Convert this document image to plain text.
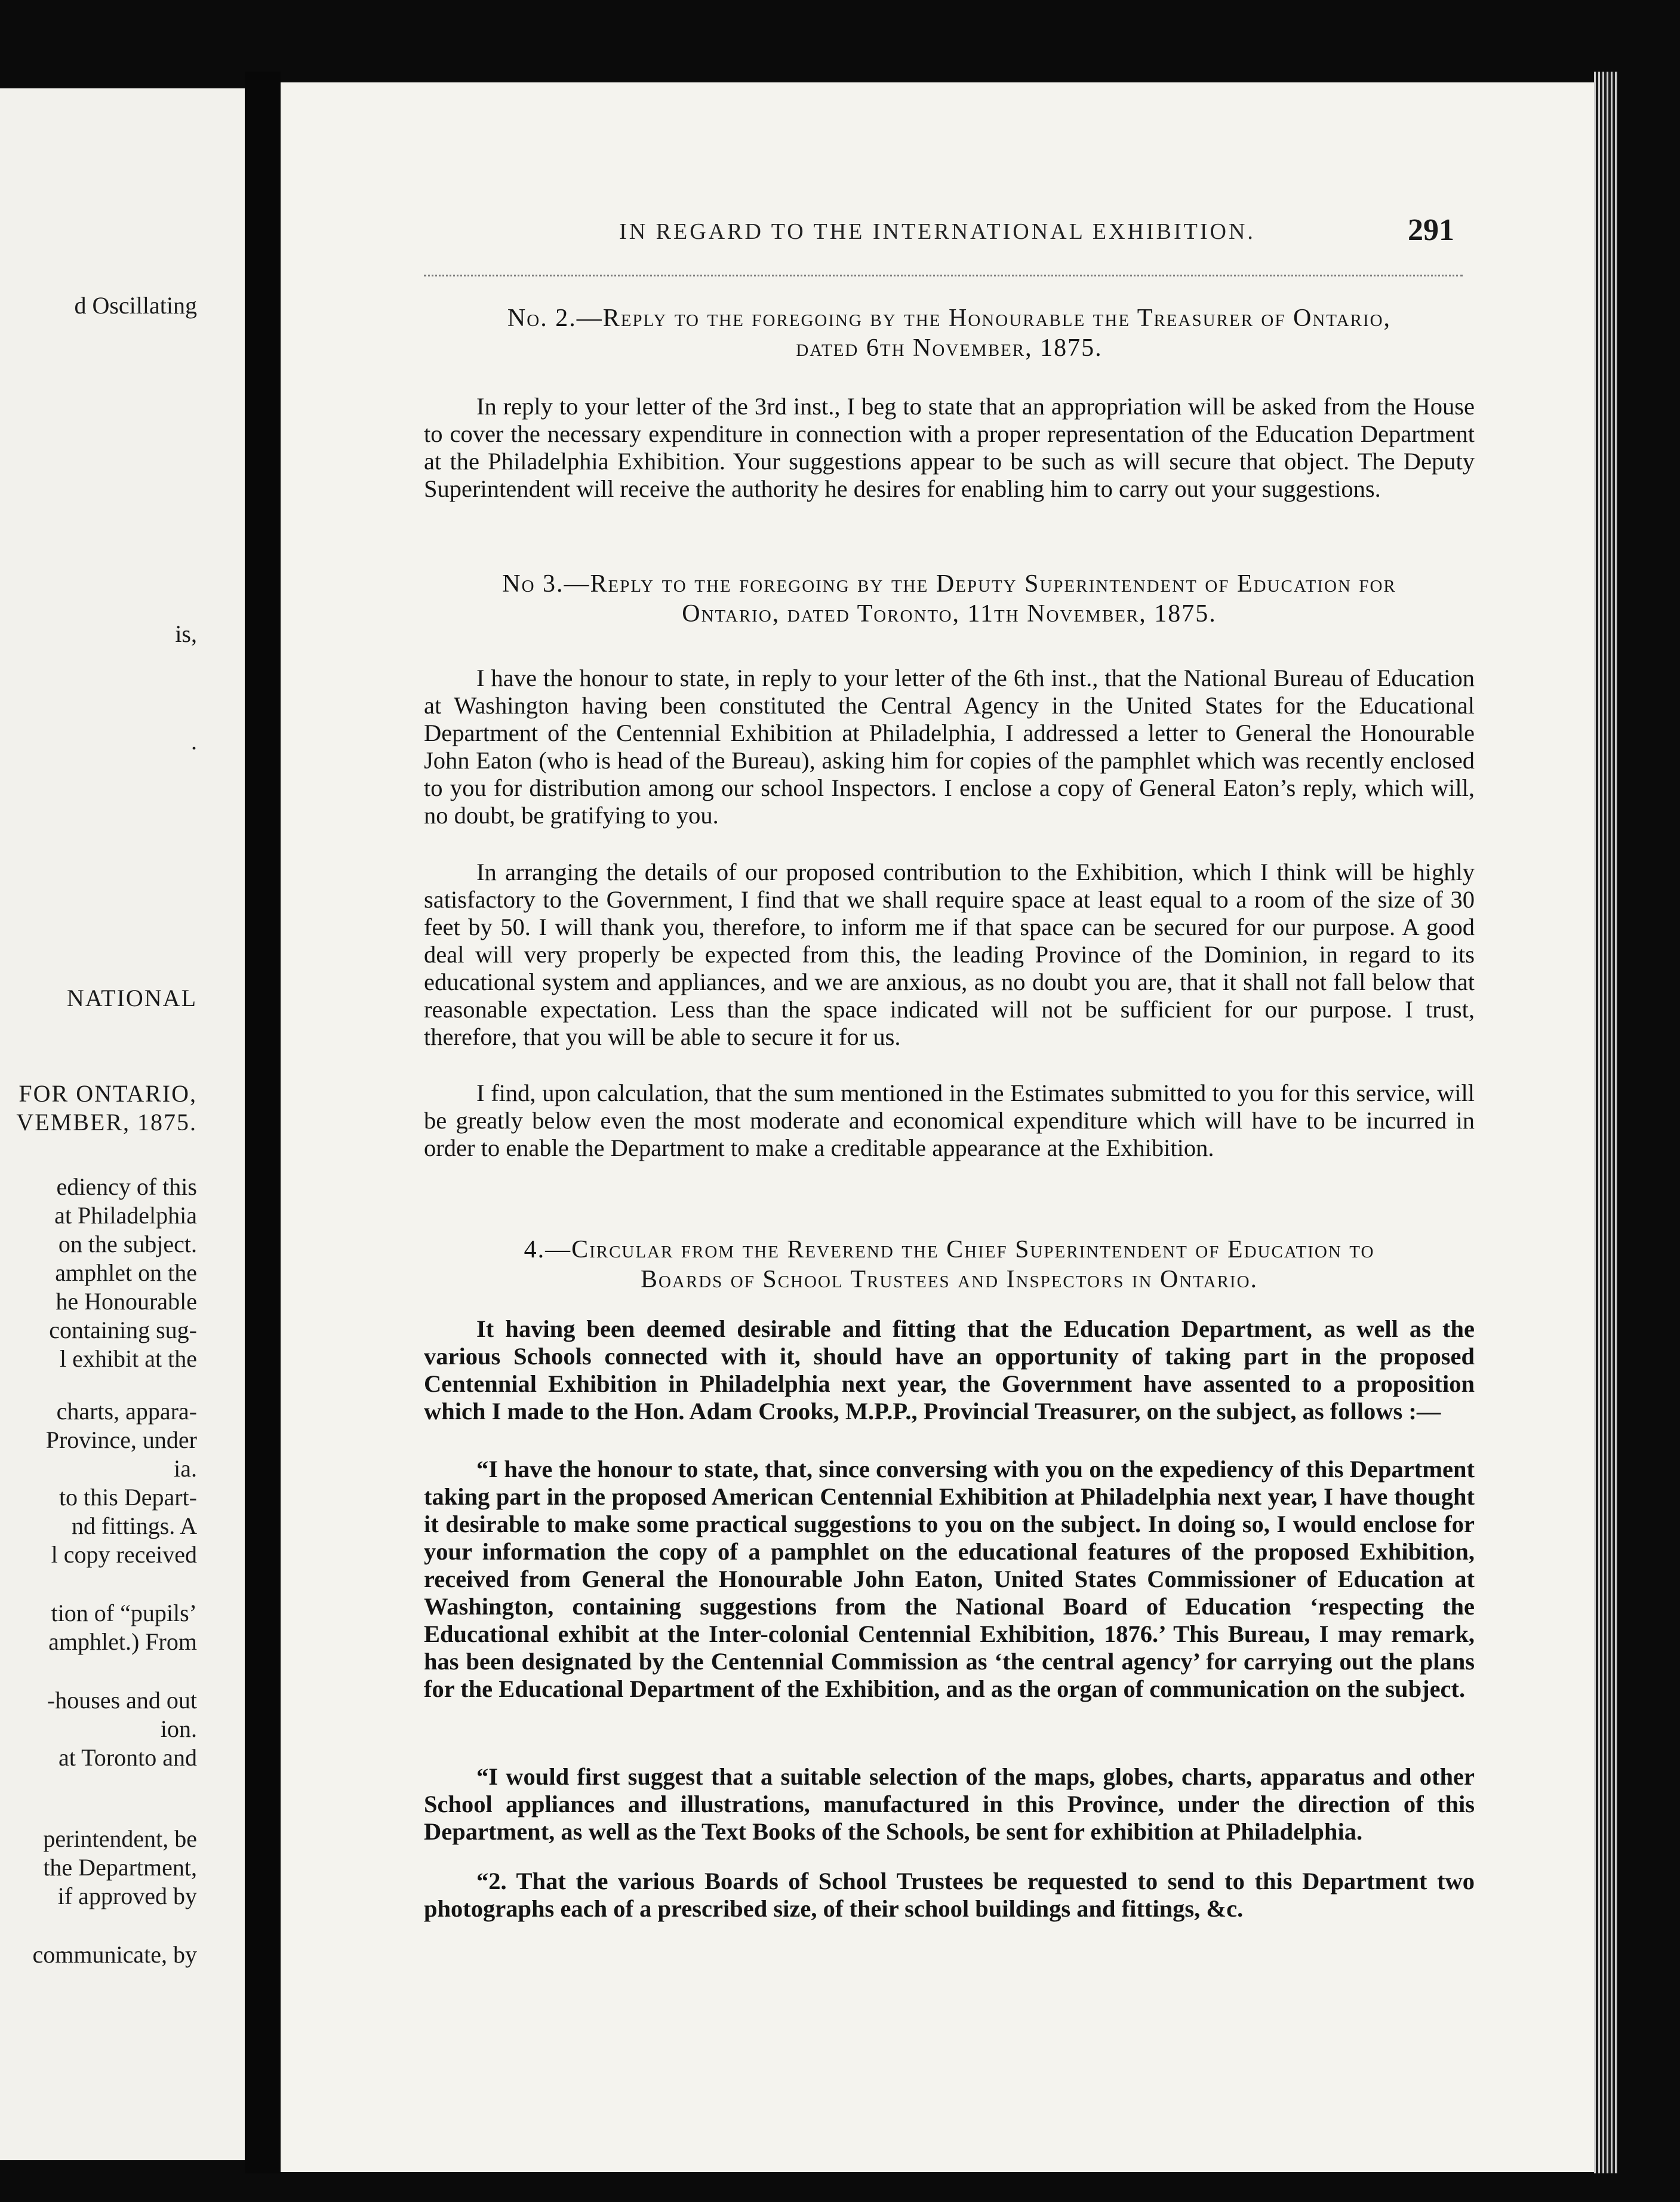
d Oscillating
is,
.
NATIONAL
FOR ONTARIO,
VEMBER, 1875.
ediency of this
at Philadelphia
on the subject.
amphlet on the
he Honourable
containing sug-
l exhibit at the
charts, appara-
Province, under
ia.
to this Depart-
nd fittings. A
l copy received
tion of “pupils’
amphlet.) From
-houses and out
ion.
at Toronto and
perintendent, be
the Department,
if approved by
communicate, by
IN REGARD TO THE INTERNATIONAL EXHIBITION.	291
No. 2.—Reply to the foregoing by the Honourable the Treasurer of Ontario,
dated 6th November, 1875.
In reply to your letter of the 3rd inst., I beg to state that an appropriation will be asked from the House to cover the necessary expenditure in connection with a proper representation of the Education Department at the Philadelphia Exhibition. Your suggestions appear to be such as will secure that object. The Deputy Superintendent will receive the authority he desires for enabling him to carry out your suggestions.
No 3.—Reply to the foregoing by the Deputy Superintendent of Education for
Ontario, dated Toronto, 11th November, 1875.
I have the honour to state, in reply to your letter of the 6th inst., that the National Bureau of Education at Washington having been constituted the Central Agency in the United States for the Educational Department of the Centennial Exhibition at Philadelphia, I addressed a letter to General the Honourable John Eaton (who is head of the Bureau), asking him for copies of the pamphlet which was recently enclosed to you for distribution among our school Inspectors. I enclose a copy of General Eaton’s reply, which will, no doubt, be gratifying to you.
In arranging the details of our proposed contribution to the Exhibition, which I think will be highly satisfactory to the Government, I find that we shall require space at least equal to a room of the size of 30 feet by 50. I will thank you, therefore, to inform me if that space can be secured for our purpose. A good deal will very properly be expected from this, the leading Province of the Dominion, in regard to its educational system and appliances, and we are anxious, as no doubt you are, that it shall not fall below that reasonable expectation. Less than the space indicated will not be sufficient for our purpose. I trust, therefore, that you will be able to secure it for us.
I find, upon calculation, that the sum mentioned in the Estimates submitted to you for this service, will be greatly below even the most moderate and economical expenditure which will have to be incurred in order to enable the Department to make a creditable appearance at the Exhibition.
4.—Circular from the Reverend the Chief Superintendent of Education to
Boards of School Trustees and Inspectors in Ontario.
It having been deemed desirable and fitting that the Education Department, as well as the various Schools connected with it, should have an opportunity of taking part in the proposed Centennial Exhibition in Philadelphia next year, the Government have assented to a proposition which I made to the Hon. Adam Crooks, M.P.P., Provincial Treasurer, on the subject, as follows :—
“I have the honour to state, that, since conversing with you on the expediency of this Department taking part in the proposed American Centennial Exhibition at Philadelphia next year, I have thought it desirable to make some practical suggestions to you on the subject. In doing so, I would enclose for your information the copy of a pamphlet on the educational features of the proposed Exhibition, received from General the Honourable John Eaton, United States Commissioner of Education at Washington, containing suggestions from the National Board of Education ‘respecting the Educational exhibit at the Inter-colonial Centennial Exhibition, 1876.’ This Bureau, I may remark, has been designated by the Centennial Commission as ‘the central agency’ for carrying out the plans for the Educational Department of the Exhibition, and as the organ of communication on the subject.
“I would first suggest that a suitable selection of the maps, globes, charts, apparatus and other School appliances and illustrations, manufactured in this Province, under the direction of this Department, as well as the Text Books of the Schools, be sent for exhibition at Philadelphia.
“2. That the various Boards of School Trustees be requested to send to this Department two photographs each of a prescribed size, of their school buildings and fittings, &c.
